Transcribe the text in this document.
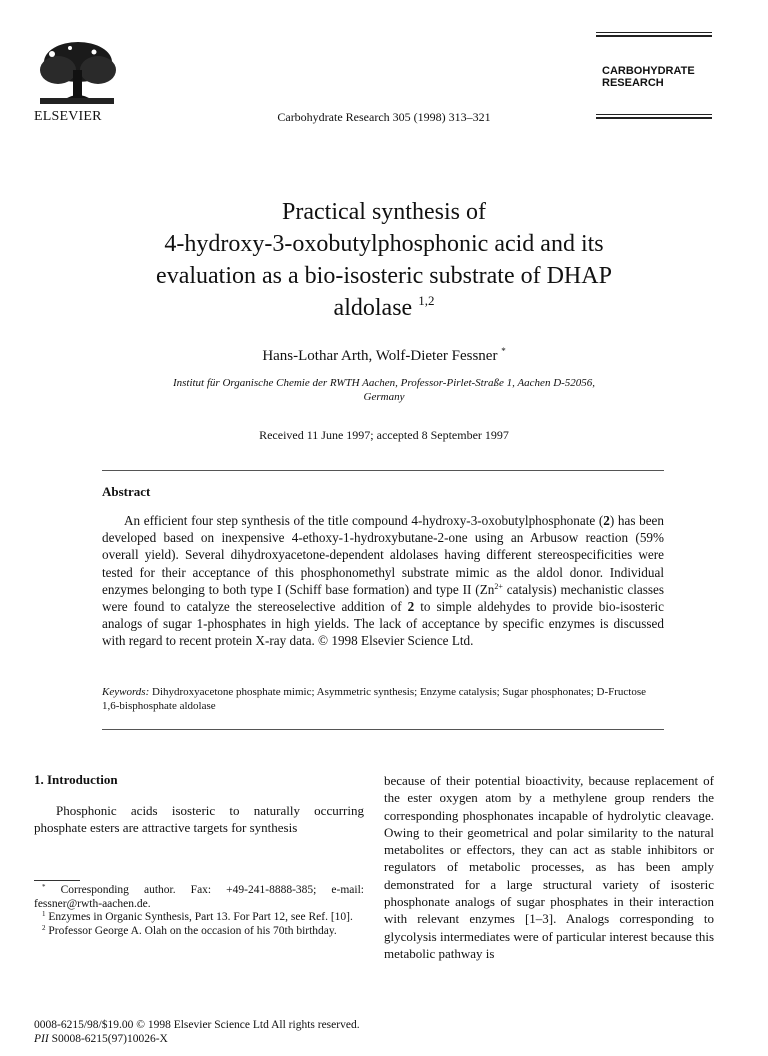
ELSEVIER	Carbohydrate Research 305 (1998) 313–321
CARBOHYDRATE
RESEARCH
Practical synthesis of
4-hydroxy-3-oxobutylphosphonic acid and its
evaluation as a bio-isosteric substrate of DHAP
aldolase $^{1,2}$
Hans-Lothar Arth, Wolf-Dieter Fessner *
Institut für Organische Chemie der RWTH Aachen, Professor-Pirlet-Straße 1, Aachen D-52056,
Germany
Received 11 June 1997; accepted 8 September 1997
Abstract
An efficient four step synthesis of the title compound 4-hydroxy-3-oxobutylphosphonate (2) has been developed based on inexpensive 4-ethoxy-1-hydroxybutane-2-one using an Arbusow reaction (59% overall yield). Several dihydroxyacetone-dependent aldolases having different stereospecificities were tested for their acceptance of this phosphonomethyl substrate mimic as the aldol donor. Individual enzymes belonging to both type I (Schiff base formation) and type II ($Zn^{2+}$ catalysis) mechanistic classes were found to catalyze the stereoselective addition of 2 to simple aldehydes to provide bio-isosteric analogs of sugar 1-phosphates in high yields. The lack of acceptance by specific enzymes is discussed with regard to recent protein X-ray data. © 1998 Elsevier Science Ltd.
Keywords: Dihydroxyacetone phosphate mimic; Asymmetric synthesis; Enzyme catalysis; Sugar phosphonates; D-Fructose 1,6-bisphosphate aldolase
1. Introduction
Phosphonic acids isosteric to naturally occurring phosphate esters are attractive targets for synthesis
because of their potential bioactivity, because replacement of the ester oxygen atom by a methylene group renders the corresponding phosphonates incapable of hydrolytic cleavage. Owing to their geometrical and polar similarity to the natural metabolites or effectors, they can act as stable inhibitors or regulators of metabolic processes, as has been amply demonstrated for a large structural variety of isosteric phosphonate analogs of sugar phosphates in their interaction with relevant enzymes [1–3]. Analogs corresponding to glycolysis intermediates were of particular interest because this metabolic pathway is
* Corresponding author. Fax: +49-241-8888-385; e-mail: fessner@rwth-aachen.de.
$^1$ Enzymes in Organic Synthesis, Part 13. For Part 12, see Ref. [10].
$^2$ Professor George A. Olah on the occasion of his 70th birthday.
0008-6215/98/$19.00 © 1998 Elsevier Science Ltd All rights reserved.
PII S0008-6215(97)10026-X
